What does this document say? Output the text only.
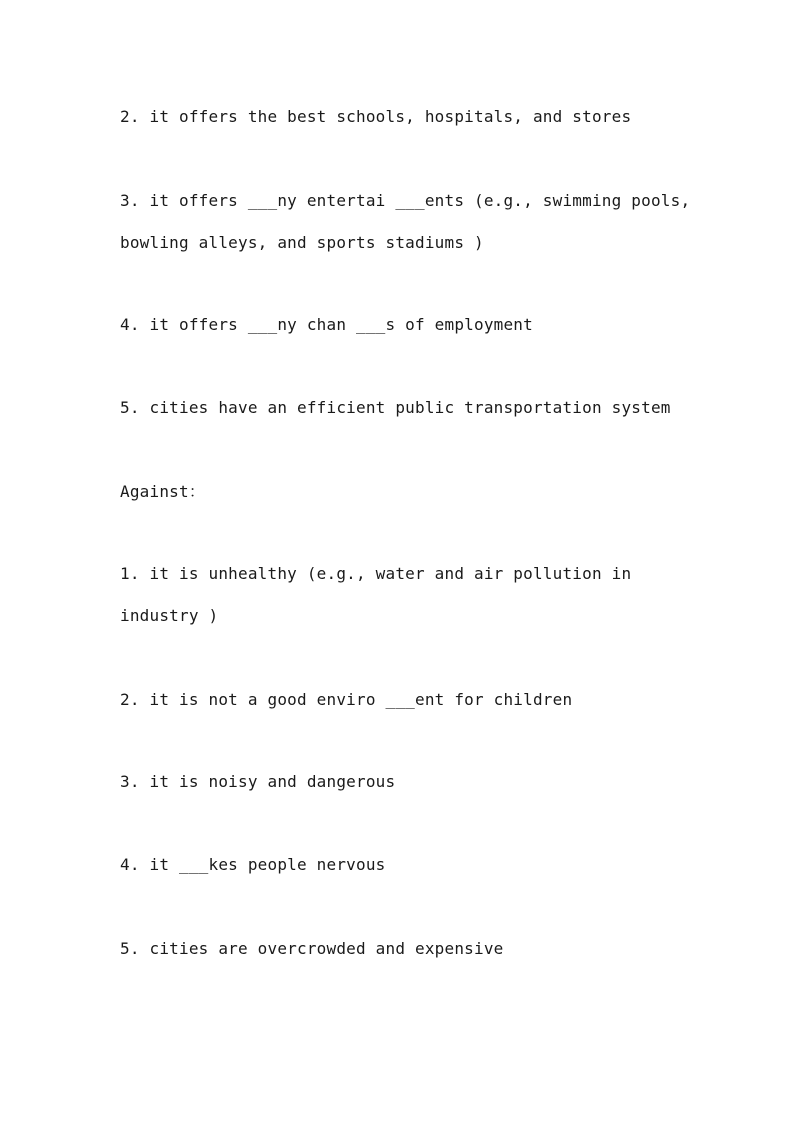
2. it offers the best schools, hospitals, and stores

3. it offers ___ny entertai ___ents (e.g., swimming pools,

bowling alleys, and sports stadiums )

4. it offers ___ny chan ___s of employment

5. cities have an efficient public transportation system

Against：

1. it is unhealthy (e.g., water and air pollution in

industry )

2. it is not a good enviro ___ent for children

3. it is noisy and dangerous

4. it ___kes people nervous

5. cities are overcrowded and expensive
